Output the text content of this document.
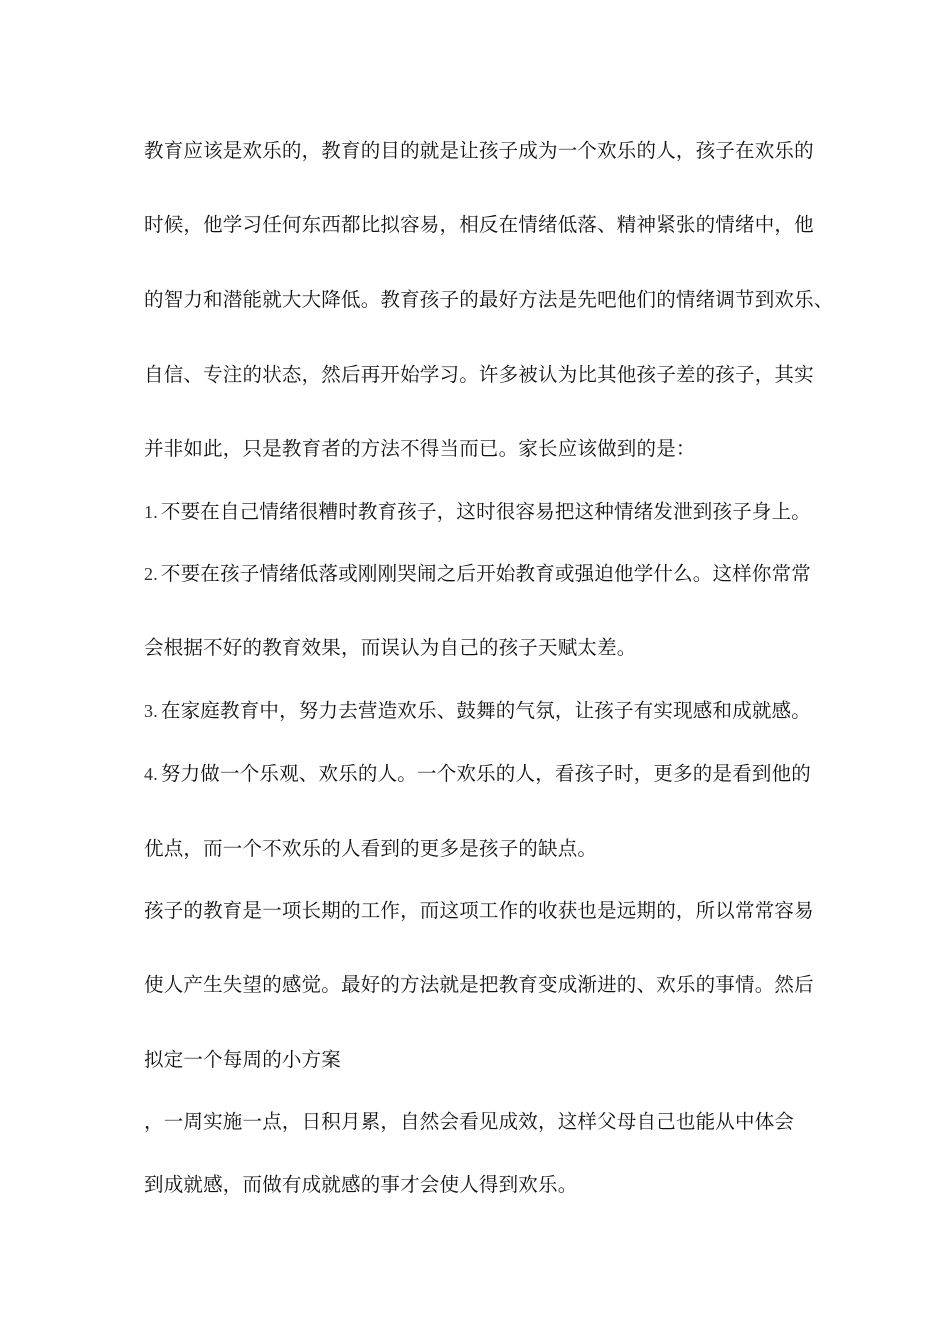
教育应该是欢乐的，教育的目的就是让孩子成为一个欢乐的人，孩子在欢乐的
时候，他学习任何东西都比拟容易，相反在情绪低落、精神紧张的情绪中，他
的智力和潜能就大大降低。教育孩子的最好方法是先吧他们的情绪调节到欢乐、
自信、专注的状态，然后再开始学习。许多被认为比其他孩子差的孩子，其实
并非如此，只是教育者的方法不得当而已。家长应该做到的是：
1. 不要在自己情绪很糟时教育孩子，这时很容易把这种情绪发泄到孩子身上。
2. 不要在孩子情绪低落或刚刚哭闹之后开始教育或强迫他学什么。这样你常常
会根据不好的教育效果，而误认为自己的孩子天赋太差。
3. 在家庭教育中，努力去营造欢乐、鼓舞的气氛，让孩子有实现感和成就感。
4. 努力做一个乐观、欢乐的人。一个欢乐的人，看孩子时，更多的是看到他的
优点，而一个不欢乐的人看到的更多是孩子的缺点。
孩子的教育是一项长期的工作，而这项工作的收获也是远期的，所以常常容易
使人产生失望的感觉。最好的方法就是把教育变成渐进的、欢乐的事情。然后
拟定一个每周的小方案
，一周实施一点，日积月累，自然会看见成效，这样父母自己也能从中体会
到成就感，而做有成就感的事才会使人得到欢乐。
